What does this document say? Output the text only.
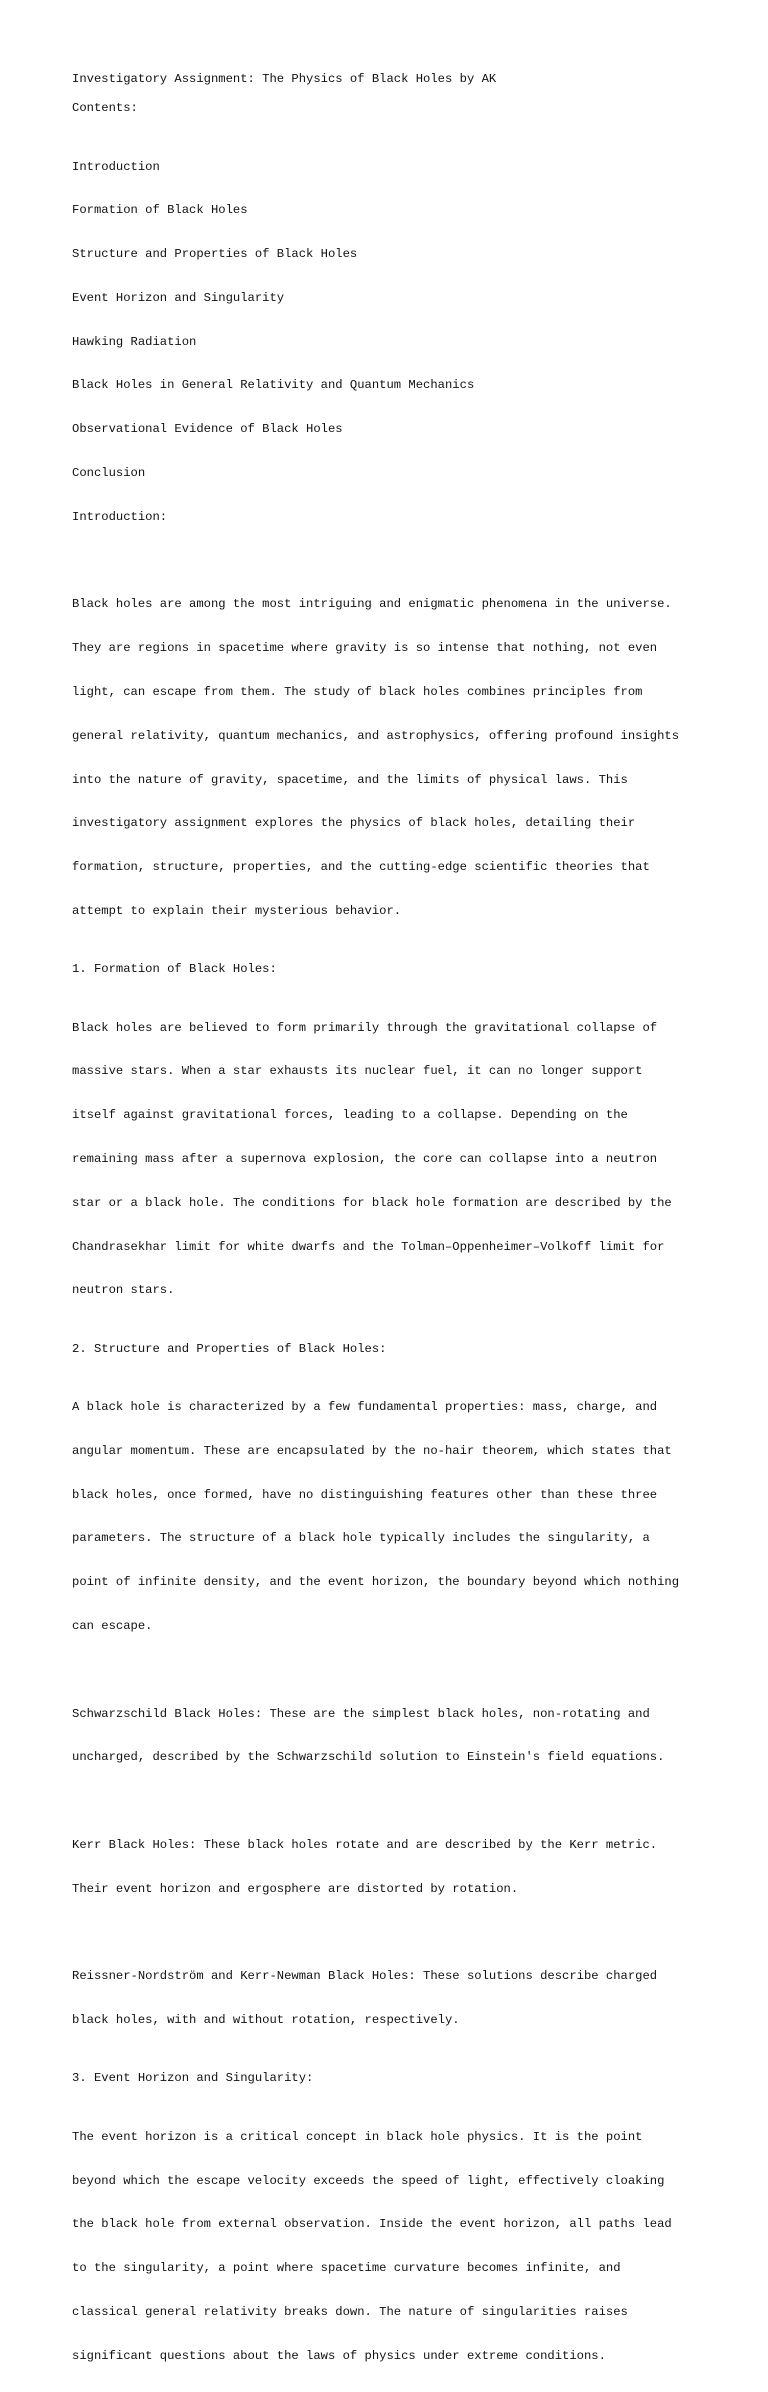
Investigatory Assignment: The Physics of Black Holes by AK
Contents:

Introduction

Formation of Black Holes

Structure and Properties of Black Holes

Event Horizon and Singularity

Hawking Radiation

Black Holes in General Relativity and Quantum Mechanics

Observational Evidence of Black Holes

Conclusion

Introduction:

Black holes are among the most intriguing and enigmatic phenomena in the universe.

They are regions in spacetime where gravity is so intense that nothing, not even

light, can escape from them. The study of black holes combines principles from

general relativity, quantum mechanics, and astrophysics, offering profound insights

into the nature of gravity, spacetime, and the limits of physical laws. This

investigatory assignment explores the physics of black holes, detailing their

formation, structure, properties, and the cutting-edge scientific theories that

attempt to explain their mysterious behavior.

1. Formation of Black Holes:

Black holes are believed to form primarily through the gravitational collapse of

massive stars. When a star exhausts its nuclear fuel, it can no longer support

itself against gravitational forces, leading to a collapse. Depending on the

remaining mass after a supernova explosion, the core can collapse into a neutron

star or a black hole. The conditions for black hole formation are described by the

Chandrasekhar limit for white dwarfs and the Tolman–Oppenheimer–Volkoff limit for

neutron stars.

2. Structure and Properties of Black Holes:

A black hole is characterized by a few fundamental properties: mass, charge, and

angular momentum. These are encapsulated by the no-hair theorem, which states that

black holes, once formed, have no distinguishing features other than these three

parameters. The structure of a black hole typically includes the singularity, a

point of infinite density, and the event horizon, the boundary beyond which nothing

can escape.

Schwarzschild Black Holes: These are the simplest black holes, non-rotating and

uncharged, described by the Schwarzschild solution to Einstein's field equations.

Kerr Black Holes: These black holes rotate and are described by the Kerr metric.

Their event horizon and ergosphere are distorted by rotation.

Reissner-Nordström and Kerr-Newman Black Holes: These solutions describe charged

black holes, with and without rotation, respectively.

3. Event Horizon and Singularity:

The event horizon is a critical concept in black hole physics. It is the point

beyond which the escape velocity exceeds the speed of light, effectively cloaking

the black hole from external observation. Inside the event horizon, all paths lead

to the singularity, a point where spacetime curvature becomes infinite, and

classical general relativity breaks down. The nature of singularities raises

significant questions about the laws of physics under extreme conditions.
